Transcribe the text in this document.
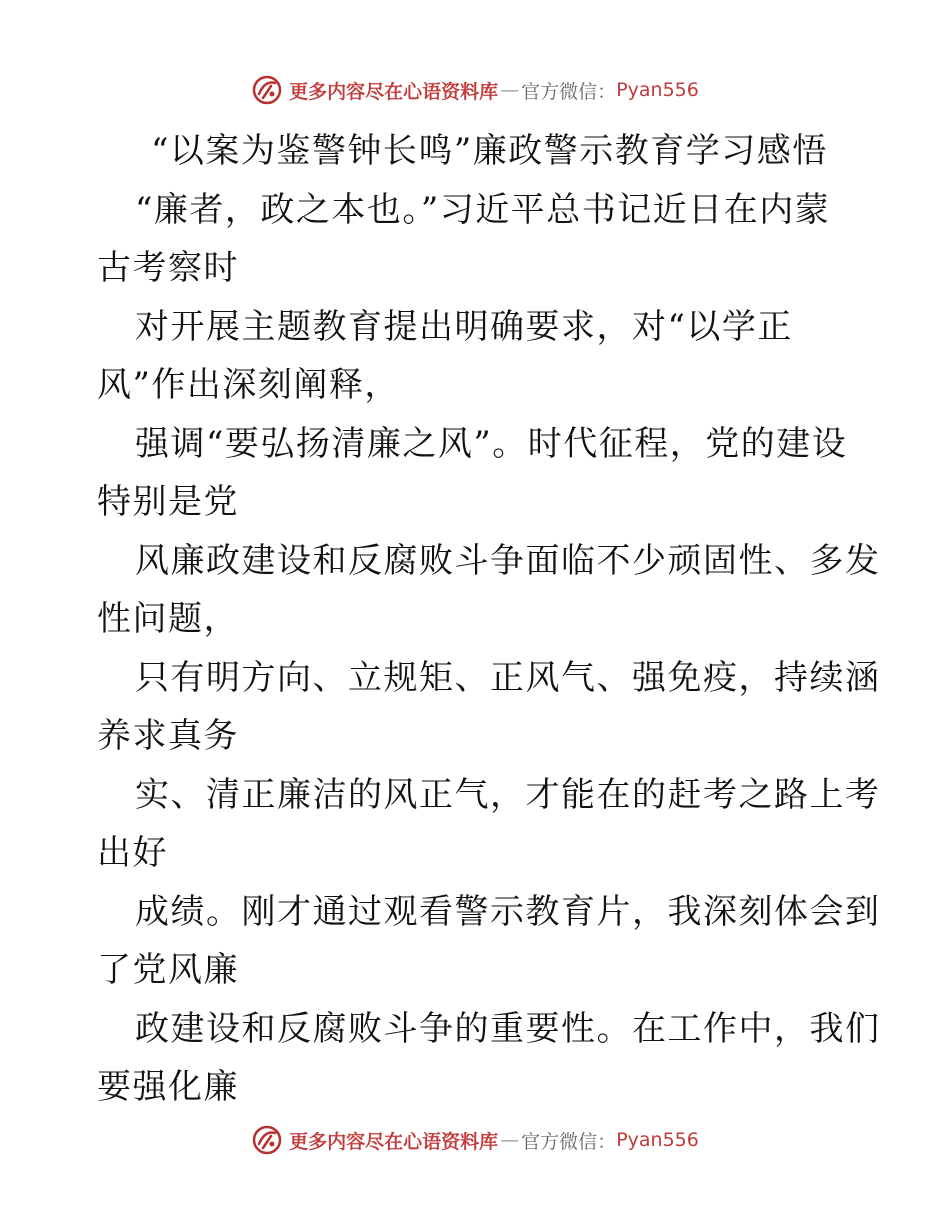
更多内容尽在心语资料库 — 官方微信： Pyan556
“以案为鉴警钟长鸣”廉政警示教育学习感悟
“廉者，政之本也。”习近平总书记近日在内蒙
古考察时
对开展主题教育提出明确要求，对“以学正
风”作出深刻阐释，
强调“要弘扬清廉之风”。时代征程，党的建设
特别是党
风廉政建设和反腐败斗争面临不少顽固性、多发
性问题，
只有明方向、立规矩、正风气、强免疫，持续涵
养求真务
实、清正廉洁的风正气，才能在的赶考之路上考
出好
成绩。刚才通过观看警示教育片，我深刻体会到
了党风廉
政建设和反腐败斗争的重要性。在工作中，我们
要强化廉
更多内容尽在心语资料库 — 官方微信： Pyan556
